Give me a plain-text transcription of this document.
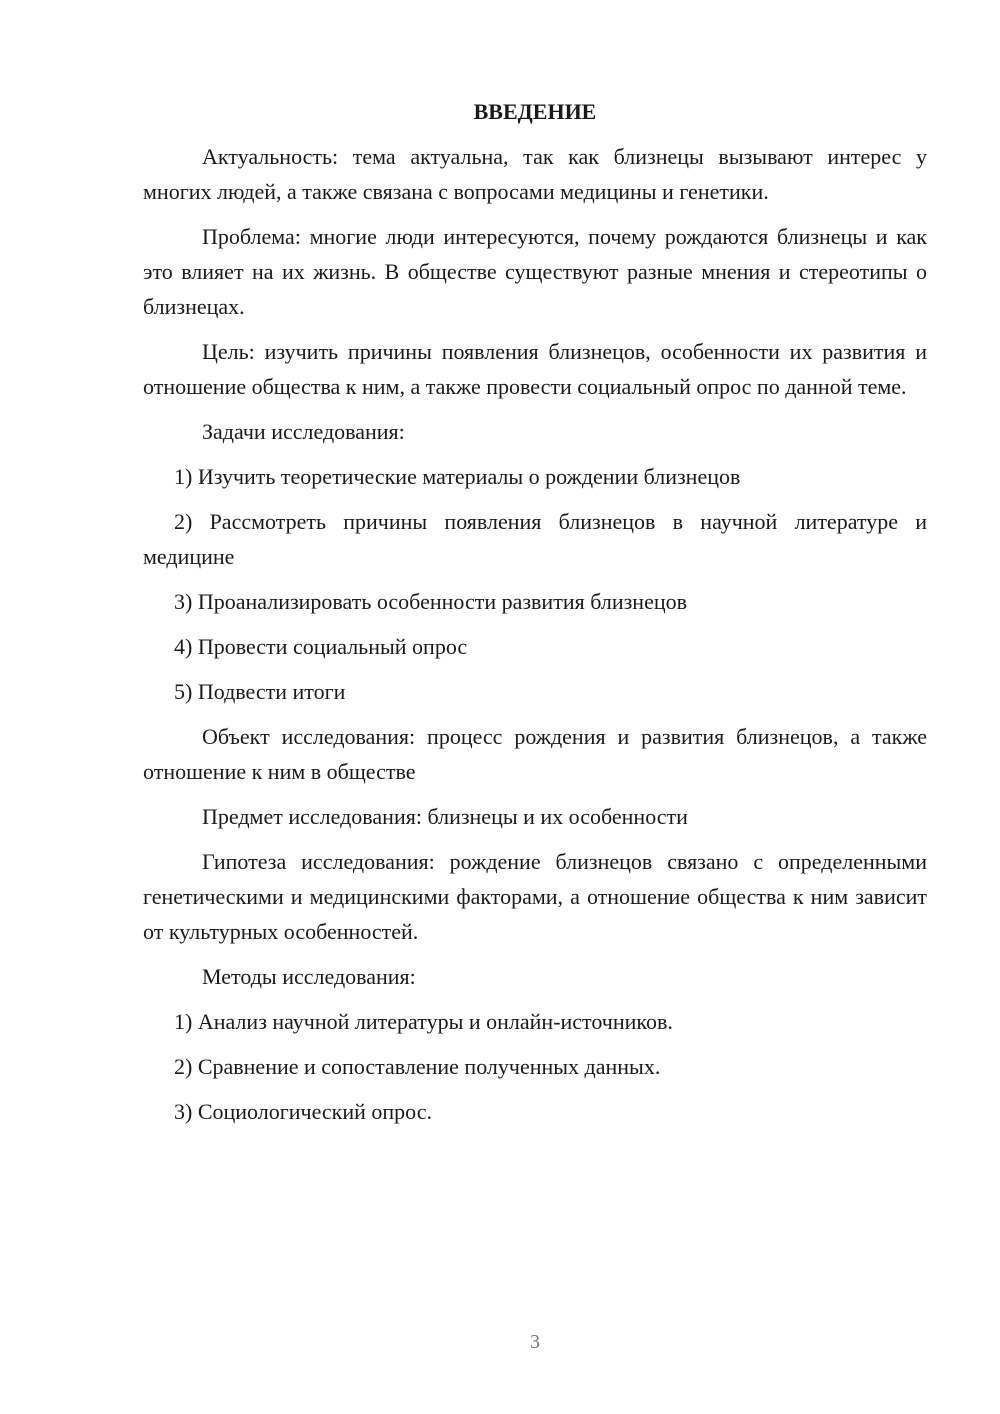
ВВЕДЕНИЕ

Актуальность: тема актуальна, так как близнецы вызывают интерес у многих людей, а также связана с вопросами медицины и генетики.

Проблема: многие люди интересуются, почему рождаются близнецы и как это влияет на их жизнь. В обществе существуют разные мнения и стереотипы о близнецах.

Цель: изучить причины появления близнецов, особенности их развития и отношение общества к ним, а также провести социальный опрос по данной теме.

Задачи исследования:

1) Изучить теоретические материалы о рождении близнецов

2) Рассмотреть причины появления близнецов в научной литературе и медицине

3) Проанализировать особенности развития близнецов

4) Провести социальный опрос

5) Подвести итоги

Объект исследования: процесс рождения и развития близнецов, а также отношение к ним в обществе

Предмет исследования: близнецы и их особенности

Гипотеза исследования: рождение близнецов связано с определенными генетическими и медицинскими факторами, а отношение общества к ним зависит от культурных особенностей.

Методы исследования:

1) Анализ научной литературы и онлайн-источников.

2) Сравнение и сопоставление полученных данных.

3) Социологический опрос.

3
